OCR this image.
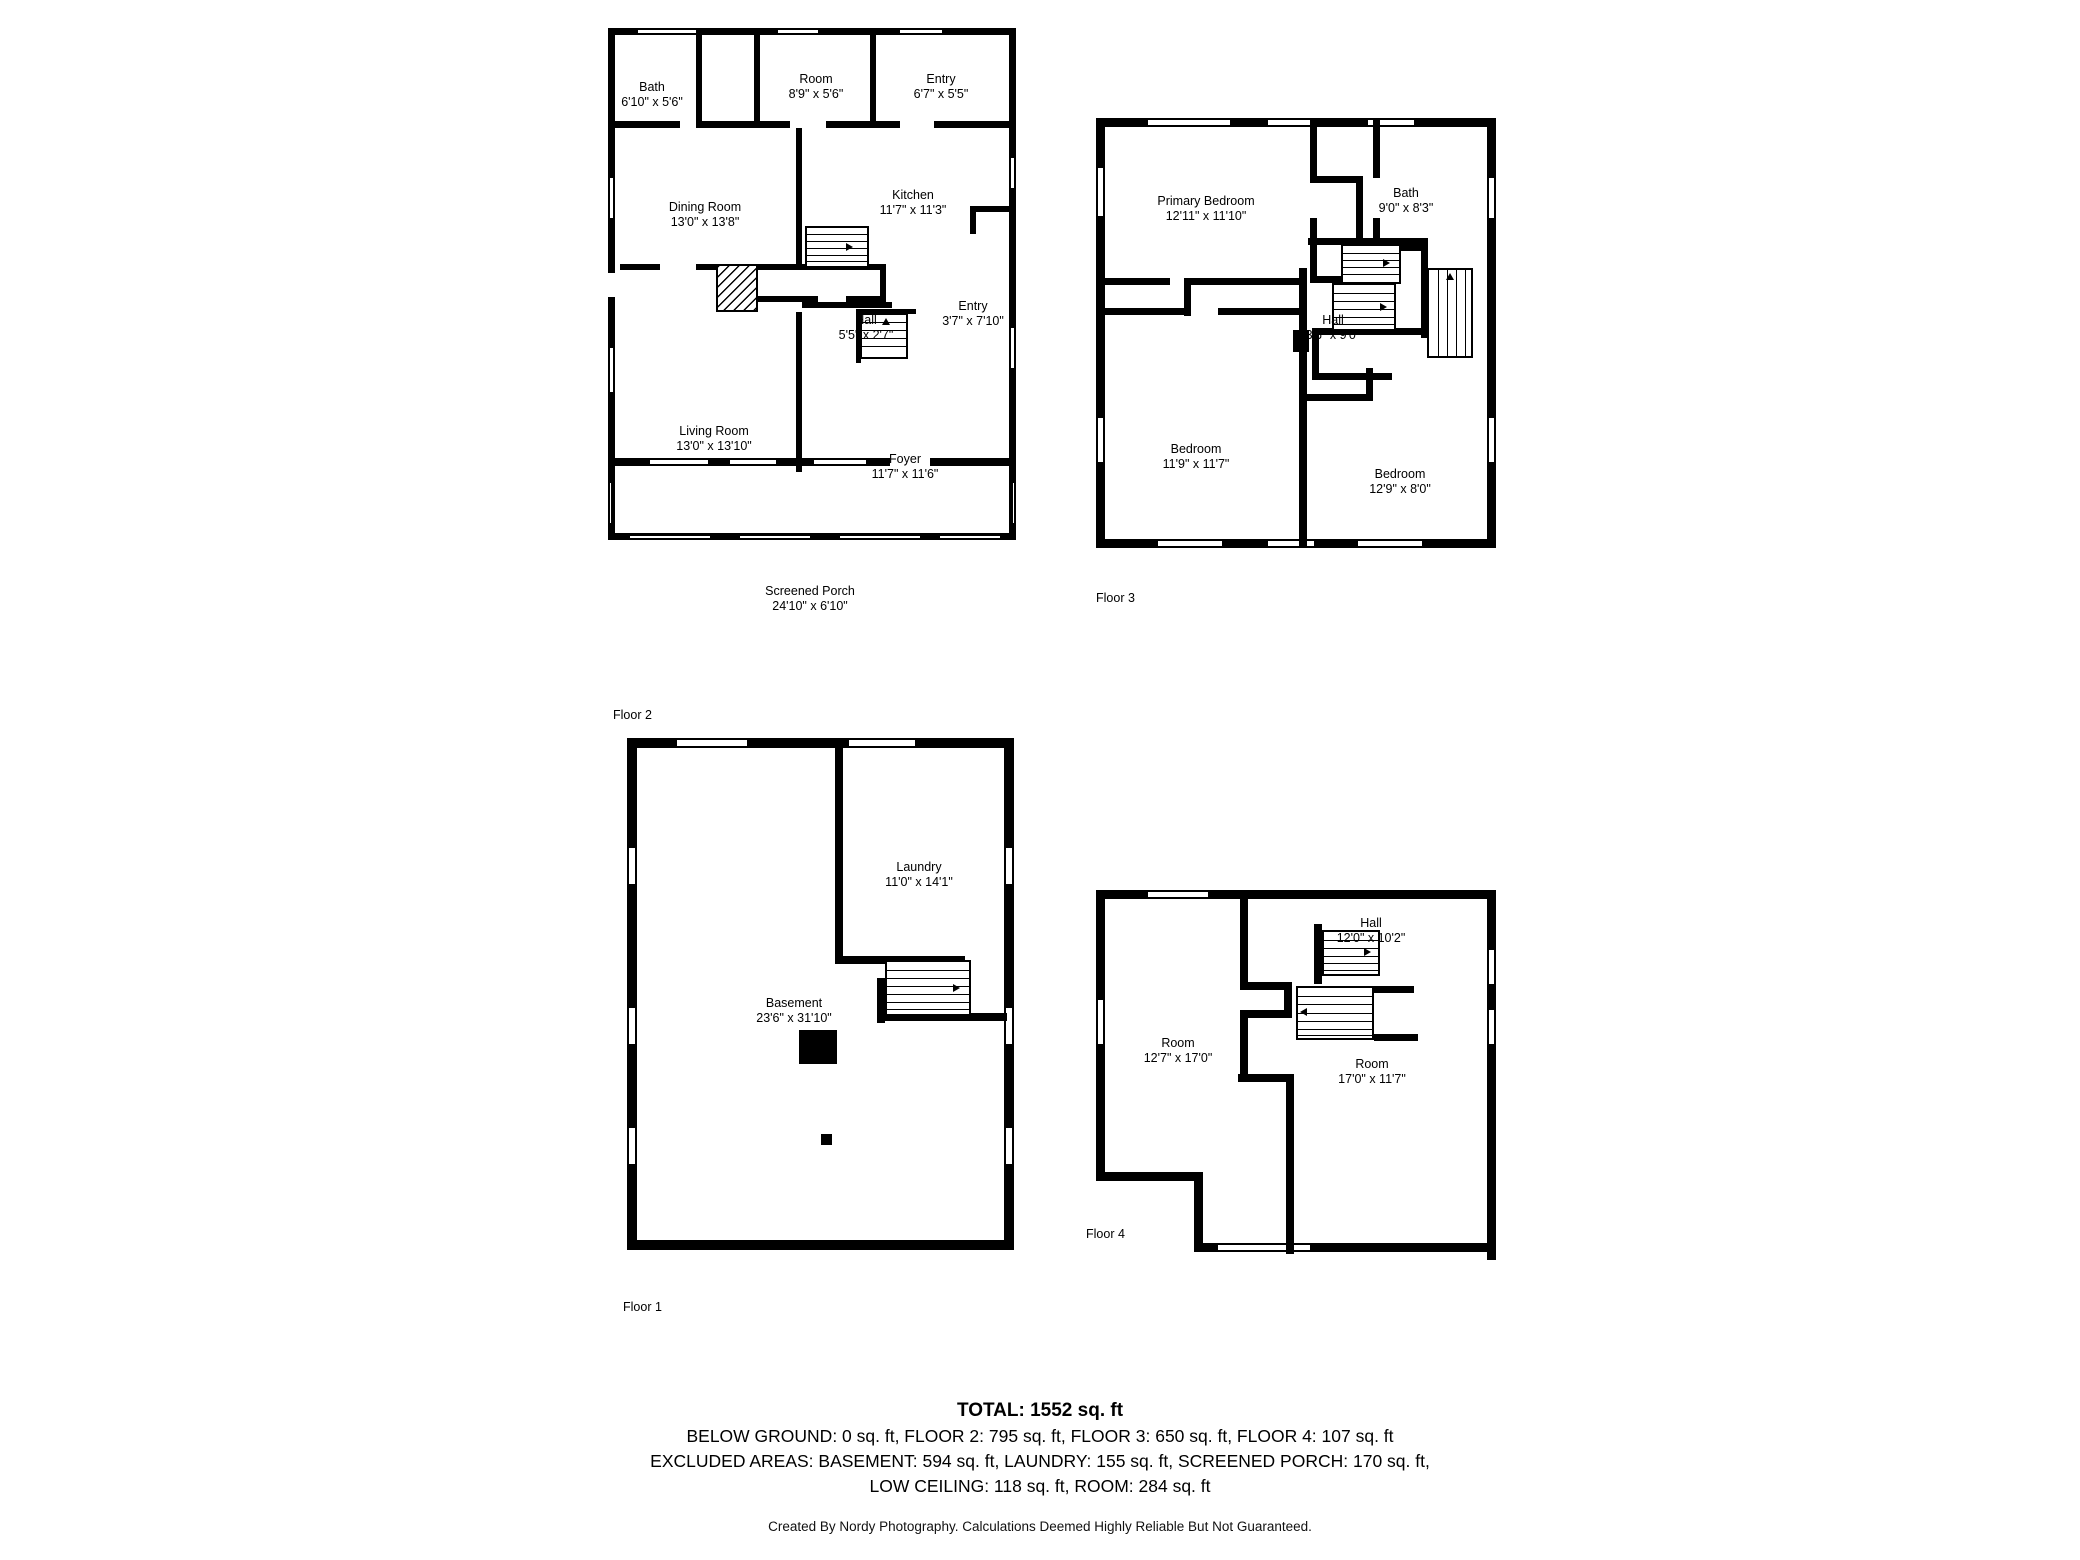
Bath
6'10" x 5'6"
Room
8'9" x 5'6"
Entry
6'7" x 5'5"
Dining Room
13'0" x 13'8"
Kitchen
11'7" x 11'3"
Hall
5'5" x 2'7"
Entry
3'7" x 7'10"
Living Room
13'0" x 13'10"
Foyer
11'7" x 11'6"
Screened Porch
24'10" x 6'10"
Floor 2
Primary Bedroom
12'11" x 11'10"
Bath
9'0" x 8'3"
Hall
3'6" x 9'0"
Bedroom
11'9" x 11'7"
Bedroom
12'9" x 8'0"
Floor 3
Laundry
11'0" x 14'1"
Basement
23'6" x 31'10"
Floor 1
Hall
12'0" x 10'2"
Room
12'7" x 17'0"	Room
17'0" x 11'7"
Floor 4
TOTAL: 1552 sq. ft
BELOW GROUND: 0 sq. ft, FLOOR 2: 795 sq. ft, FLOOR 3: 650 sq. ft, FLOOR 4: 107 sq. ft
EXCLUDED AREAS: BASEMENT: 594 sq. ft, LAUNDRY: 155 sq. ft, SCREENED PORCH: 170 sq. ft,
LOW CEILING: 118 sq. ft, ROOM: 284 sq. ft
Created By Nordy Photography. Calculations Deemed Highly Reliable But Not Guaranteed.
